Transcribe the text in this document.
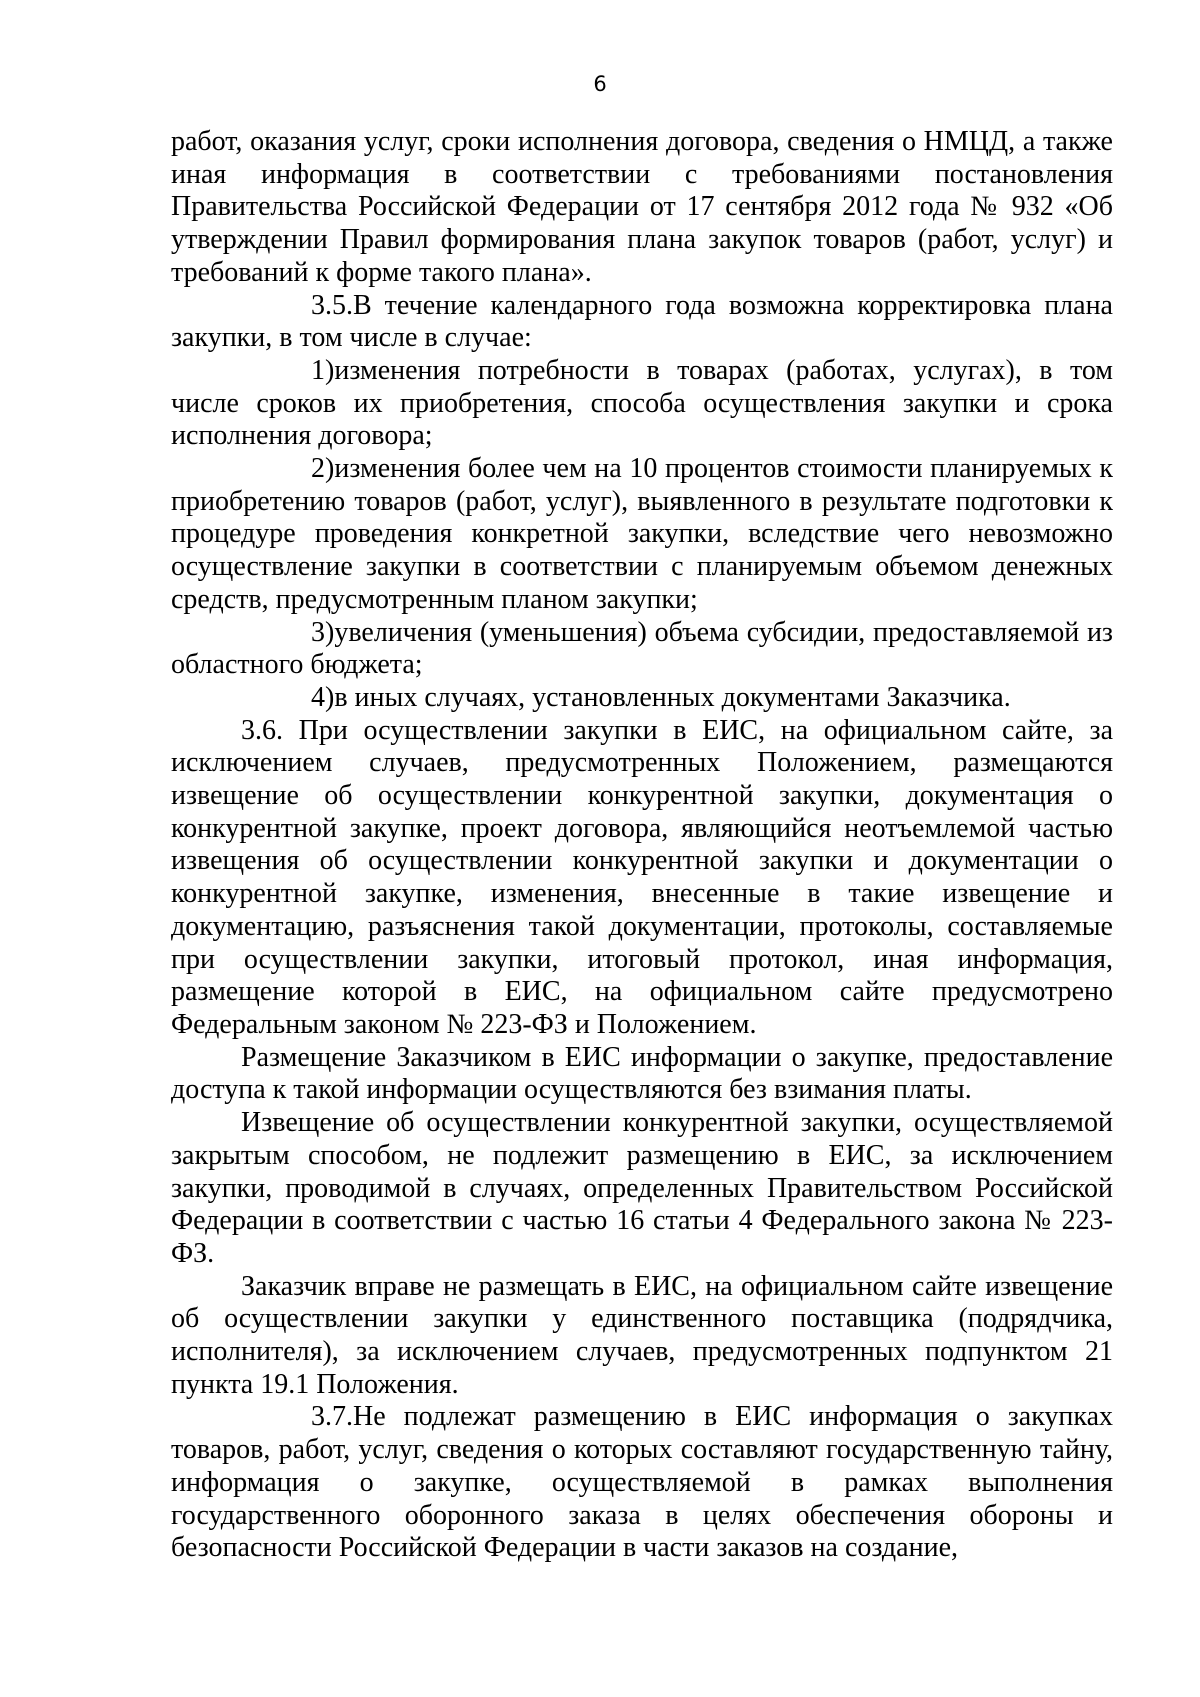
6

работ, оказания услуг, сроки исполнения договора, сведения о НМЦД, а также иная информация в соответствии с требованиями постановления Правительства Российской Федерации от 17 сентября 2012 года № 932 «Об утверждении Правил формирования плана закупок товаров (работ, услуг) и требований к форме такого плана».

3.5.В течение календарного года возможна корректировка плана закупки, в том числе в случае:

1)изменения потребности в товарах (работах, услугах), в том числе сроков их приобретения, способа осуществления закупки и срока исполнения договора;

2)изменения более чем на 10 процентов стоимости планируемых к приобретению товаров (работ, услуг), выявленного в результате подготовки к процедуре проведения конкретной закупки, вследствие чего невозможно осуществление закупки в соответствии с планируемым объемом денежных средств, предусмотренным планом закупки;

3)увеличения (уменьшения) объема субсидии, предоставляемой из областного бюджета;

4)в иных случаях, установленных документами Заказчика.

3.6. При осуществлении закупки в ЕИС, на официальном сайте, за исключением случаев, предусмотренных Положением, размещаются извещение об осуществлении конкурентной закупки, документация о конкурентной закупке, проект договора, являющийся неотъемлемой частью извещения об осуществлении конкурентной закупки и документации о конкурентной закупке, изменения, внесенные в такие извещение и документацию, разъяснения такой документации, протоколы, составляемые при осуществлении закупки, итоговый протокол, иная информация, размещение которой в ЕИС, на официальном сайте предусмотрено Федеральным законом № 223-ФЗ и Положением.

Размещение Заказчиком в ЕИС информации о закупке, предоставление доступа к такой информации осуществляются без взимания платы.

Извещение об осуществлении конкурентной закупки, осуществляемой закрытым способом, не подлежит размещению в ЕИС, за исключением закупки, проводимой в случаях, определенных Правительством Российской Федерации в соответствии с частью 16 статьи 4 Федерального закона № 223-ФЗ.

Заказчик вправе не размещать в ЕИС, на официальном сайте извещение об осуществлении закупки у единственного поставщика (подрядчика, исполнителя), за исключением случаев, предусмотренных подпунктом 21 пункта 19.1 Положения.

3.7.Не подлежат размещению в ЕИС информация о закупках товаров, работ, услуг, сведения о которых составляют государственную тайну, информация о закупке, осуществляемой в рамках выполнения государственного оборонного заказа в целях обеспечения обороны и безопасности Российской Федерации в части заказов на создание,
